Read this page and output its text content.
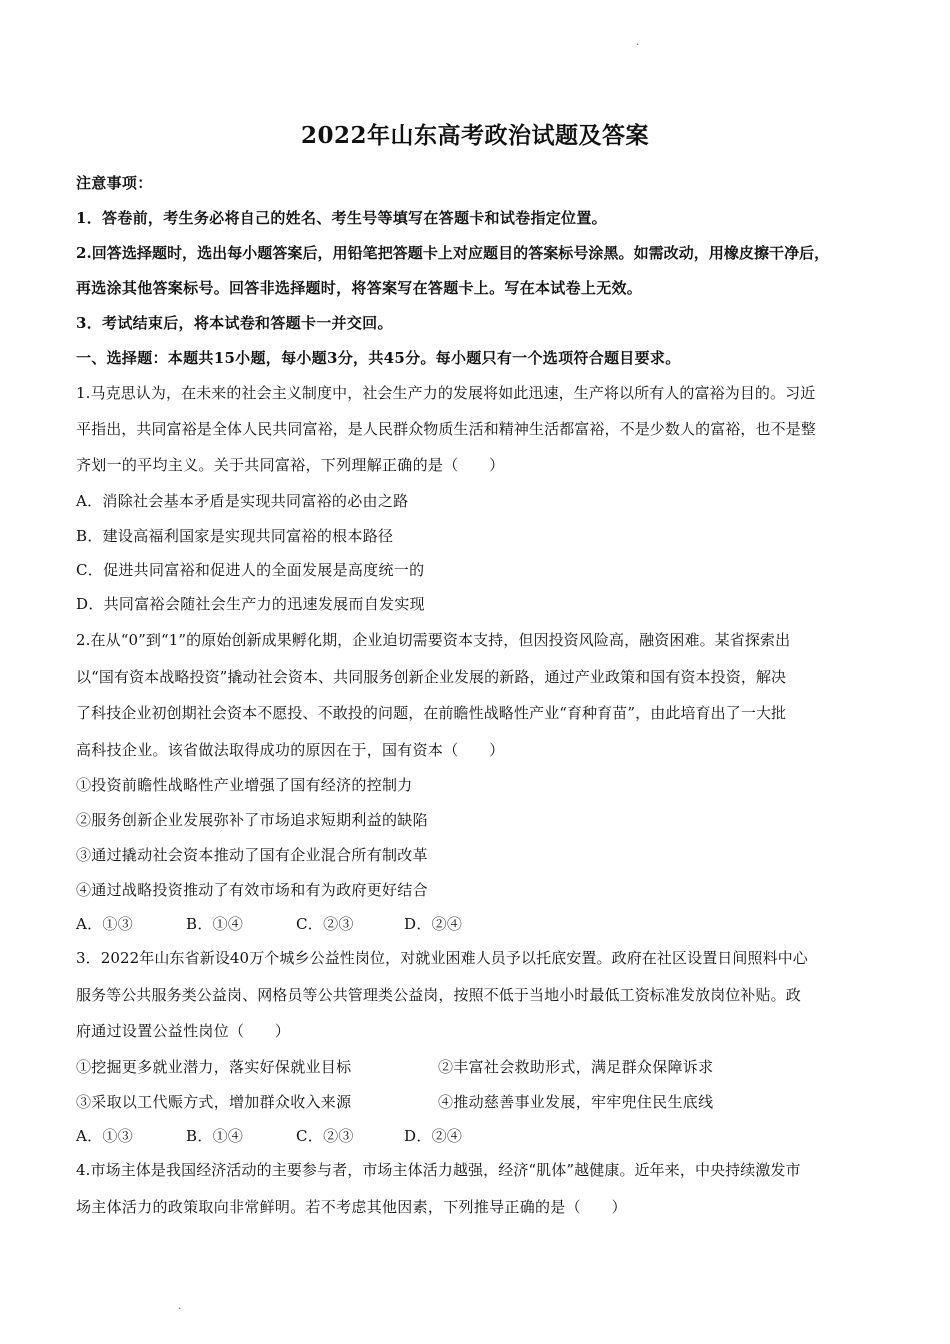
.
2022年山东高考政治试题及答案
注意事项：
1．答卷前，考生务必将自己的姓名、考生号等填写在答题卡和试卷指定位置。
2.回答选择题时，选出每小题答案后，用铅笔把答题卡上对应题目的答案标号涂黑。如需改动，用橡皮擦干净后，
再选涂其他答案标号。回答非选择题时，将答案写在答题卡上。写在本试卷上无效。
3．考试结束后，将本试卷和答题卡一并交回。
一、选择题：本题共15小题，每小题3分，共45分。每小题只有一个选项符合题目要求。
1.马克思认为，在未来的社会主义制度中，社会生产力的发展将如此迅速，生产将以所有人的富裕为目的。习近
平指出，共同富裕是全体人民共同富裕，是人民群众物质生活和精神生活都富裕，不是少数人的富裕，也不是整
齐划一的平均主义。关于共同富裕，下列理解正确的是（　　）
A．消除社会基本矛盾是实现共同富裕的必由之路
B．建设高福利国家是实现共同富裕的根本路径
C．促进共同富裕和促进人的全面发展是高度统一的
D．共同富裕会随社会生产力的迅速发展而自发实现
2.在从“0”到“1”的原始创新成果孵化期，企业迫切需要资本支持，但因投资风险高，融资困难。某省探索出
以“国有资本战略投资”撬动社会资本、共同服务创新企业发展的新路，通过产业政策和国有资本投资，解决
了科技企业初创期社会资本不愿投、不敢投的问题，在前瞻性战略性产业“育种育苗”，由此培育出了一大批
高科技企业。该省做法取得成功的原因在于，国有资本（　　）
①投资前瞻性战略性产业增强了国有经济的控制力
②服务创新企业发展弥补了市场追求短期利益的缺陷
③通过撬动社会资本推动了国有企业混合所有制改革
④通过战略投资推动了有效市场和有为政府更好结合
A．①③	B．①④	C．②③	D．②④
3．2022年山东省新设40万个城乡公益性岗位，对就业困难人员予以托底安置。政府在社区设置日间照料中心
服务等公共服务类公益岗、网格员等公共管理类公益岗，按照不低于当地小时最低工资标准发放岗位补贴。政
府通过设置公益性岗位（　　）
①挖掘更多就业潜力，落实好保就业目标	②丰富社会救助形式，满足群众保障诉求
③采取以工代赈方式，增加群众收入来源	④推动慈善事业发展，牢牢兜住民生底线
A．①③	B．①④	C．②③	D．②④
4.市场主体是我国经济活动的主要参与者，市场主体活力越强，经济“肌体”越健康。近年来，中央持续激发市
场主体活力的政策取向非常鲜明。若不考虑其他因素，下列推导正确的是（　　）
.
